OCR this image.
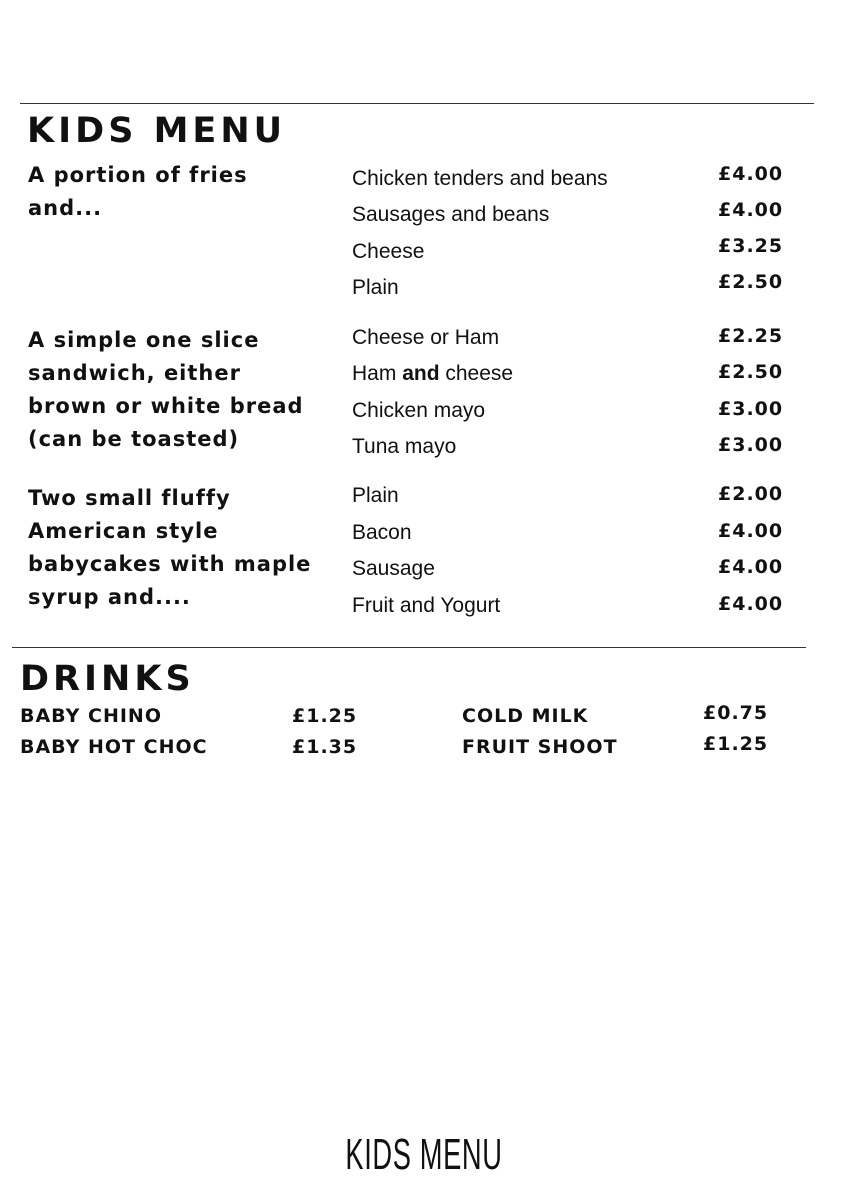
KIDS MENU
A portion of fries and...
Chicken tenders and beans	£4.00
Sausages and beans	£4.00
Cheese	£3.25
Plain	£2.50
A simple one slice sandwich, either brown or white bread (can be toasted)
Cheese or Ham	£2.25
Ham and cheese	£2.50
Chicken mayo	£3.00
Tuna mayo	£3.00
Two small fluffy American style babycakes with maple syrup and....
Plain	£2.00
Bacon	£4.00
Sausage	£4.00
Fruit and Yogurt	£4.00
DRINKS
BABY CHINO	£1.25
BABY HOT CHOC	£1.35
COLD MILK	£0.75
FRUIT SHOOT	£1.25
KIDS MENU
